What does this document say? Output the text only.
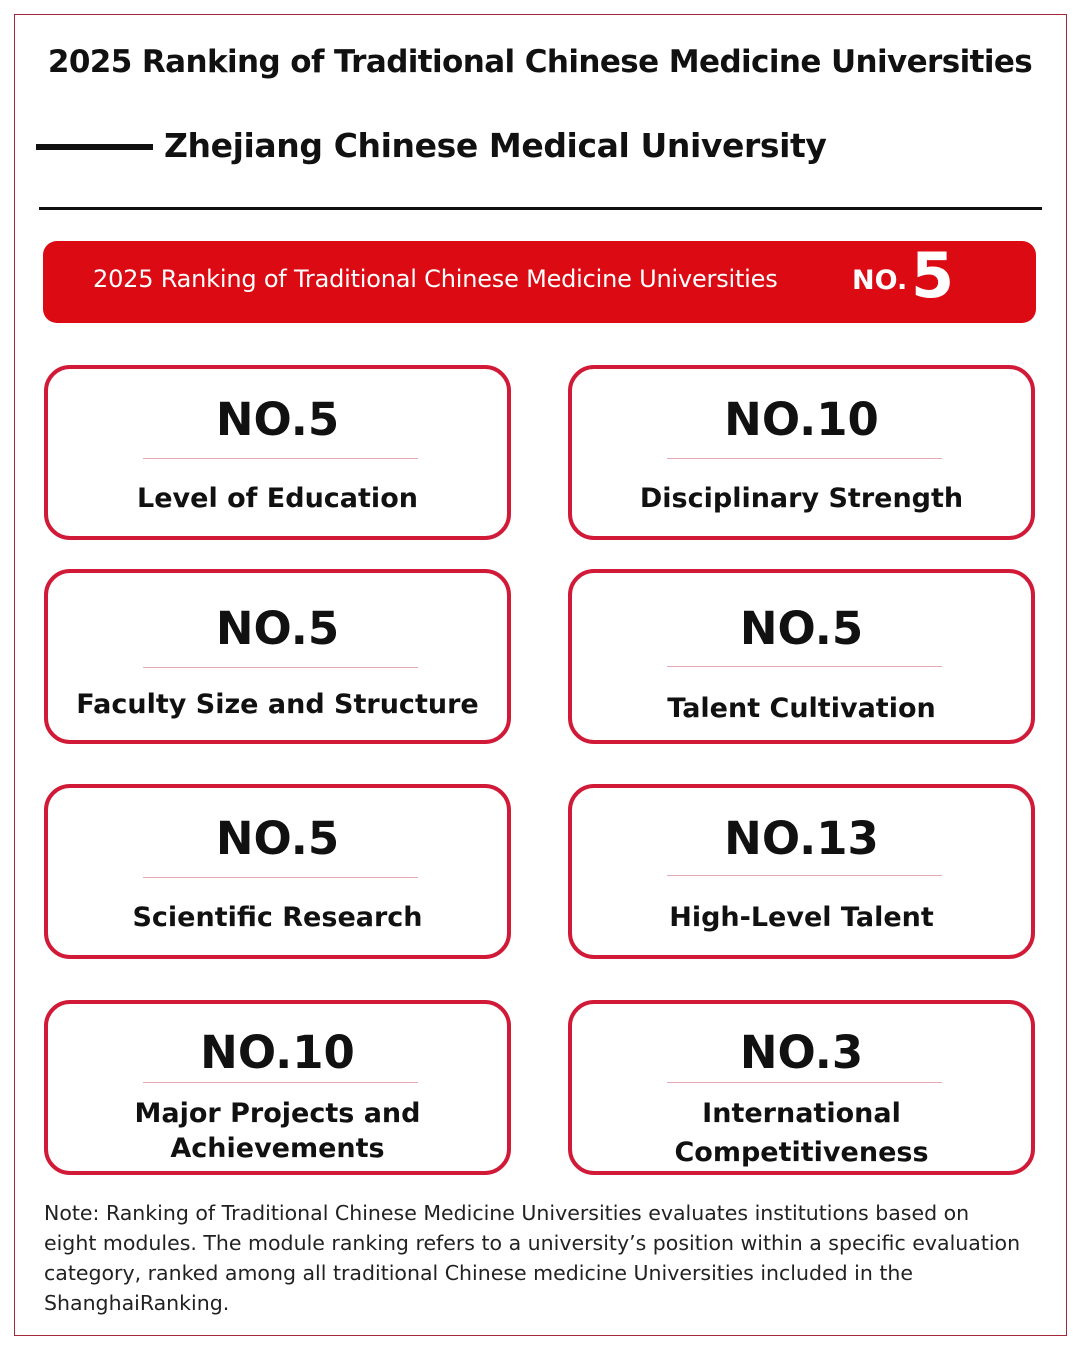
2025 Ranking of Traditional Chinese Medicine Universities
Zhejiang Chinese Medical University
2025 Ranking of Traditional Chinese Medicine Universities	NO. 5
NO.5
Level of Education
NO.10
Disciplinary Strength
NO.5
Faculty Size and Structure
NO.5
Talent Cultivation
NO.5
Scientific Research
NO.13
High-Level Talent
NO.10
Major Projects and
Achievements
NO.3
International
Competitiveness
Note: Ranking of Traditional Chinese Medicine Universities evaluates institutions based on
eight modules. The module ranking refers to a university’s position within a specific evaluation
category, ranked among all traditional Chinese medicine Universities included in the
ShanghaiRanking.
